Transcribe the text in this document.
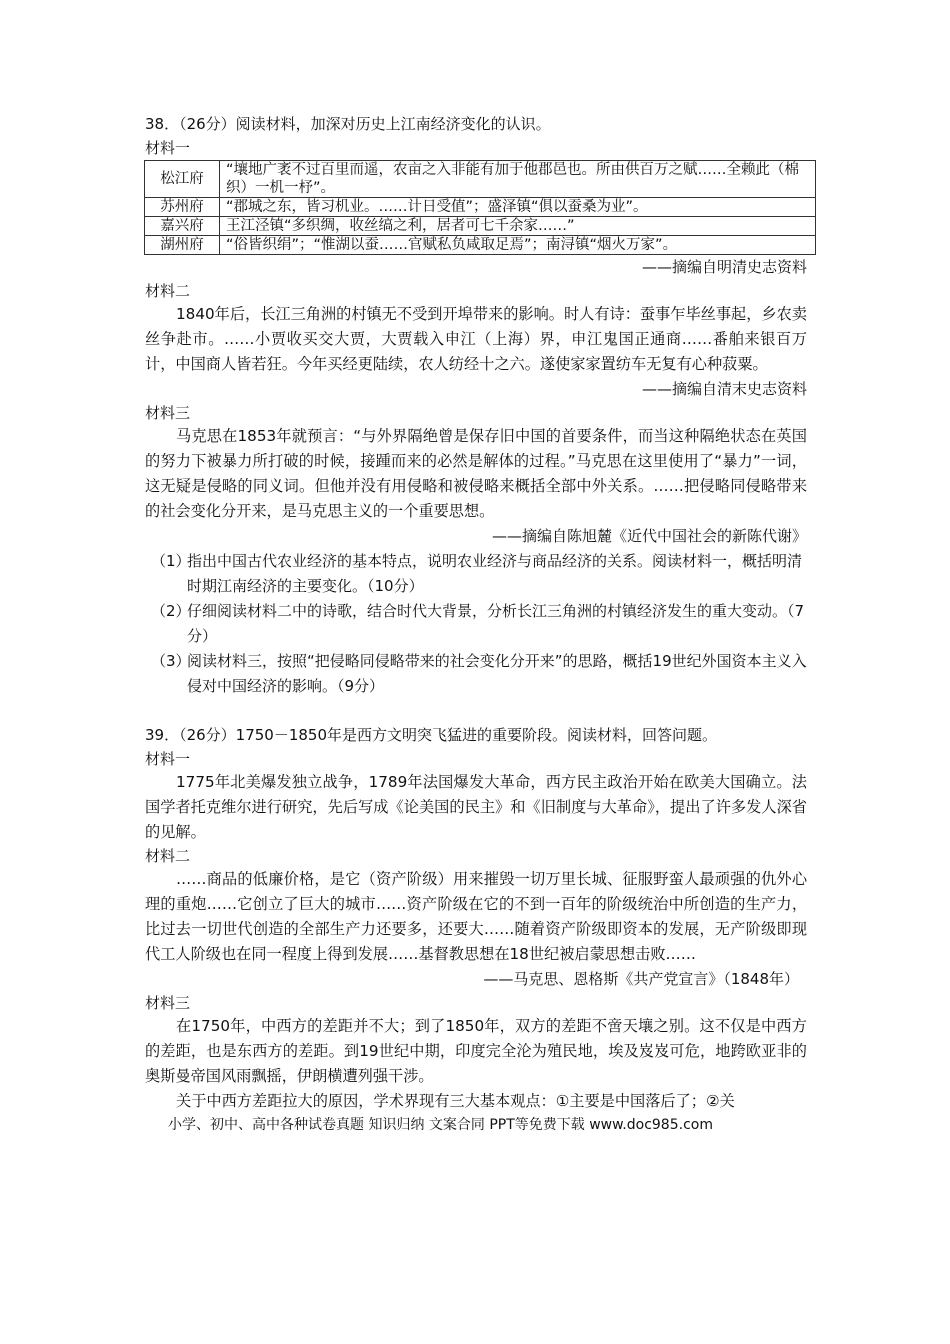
38．（26分）阅读材料，加深对历史上江南经济变化的认识。
材料一
松江府	“壤地广袤不过百里而遥，农亩之入非能有加于他郡邑也。所由供百万之赋……全赖此（棉织）一机一杼”。
苏州府	“郡城之东，皆习机业。……计日受值”；盛泽镇“俱以蚕桑为业”。
嘉兴府	王江泾镇“多织绸，收丝缟之利，居者可七千余家……”
湖州府	“俗皆织绢”；“惟湖以蚕……官赋私负咸取足焉”；南浔镇“烟火万家”。
——摘编自明清史志资料
材料二

1840年后，长江三角洲的村镇无不受到开埠带来的影响。时人有诗：蚕事乍毕丝事起，乡农卖丝争赴市。……小贾收买交大贾，大贾载入申江（上海）界，申江鬼国正通商……番舶来银百万计，中国商人皆若狂。今年买经更陆续，农人纺经十之六。遂使家家置纺车无复有心种菽粟。

——摘编自清末史志资料
材料三

马克思在1853年就预言：“与外界隔绝曾是保存旧中国的首要条件，而当这种隔绝状态在英国的努力下被暴力所打破的时候，接踵而来的必然是解体的过程。”马克思在这里使用了“暴力”一词，这无疑是侵略的同义词。但他并没有用侵略和被侵略来概括全部中外关系。……把侵略同侵略带来的社会变化分开来，是马克思主义的一个重要思想。

——摘编自陈旭麓《近代中国社会的新陈代谢》
（1）指出中国古代农业经济的基本特点，说明农业经济与商品经济的关系。阅读材料一，概括明清时期江南经济的主要变化。（10分）
（2）仔细阅读材料二中的诗歌，结合时代大背景，分析长江三角洲的村镇经济发生的重大变动。（7分）
（3）阅读材料三，按照“把侵略同侵略带来的社会变化分开来”的思路，概括19世纪外国资本主义入侵对中国经济的影响。（9分）
39．（26分）1750－1850年是西方文明突飞猛进的重要阶段。阅读材料，回答问题。
材料一

1775年北美爆发独立战争，1789年法国爆发大革命，西方民主政治开始在欧美大国确立。法国学者托克维尔进行研究，先后写成《论美国的民主》和《旧制度与大革命》，提出了许多发人深省的见解。

材料二

……商品的低廉价格，是它（资产阶级）用来摧毁一切万里长城、征服野蛮人最顽强的仇外心理的重炮……它创立了巨大的城市……资产阶级在它的不到一百年的阶级统治中所创造的生产力，比过去一切世代创造的全部生产力还要多，还要大……随着资产阶级即资本的发展，无产阶级即现代工人阶级也在同一程度上得到发展……基督教思想在18世纪被启蒙思想击败……

——马克思、恩格斯《共产党宣言》（1848年）
材料三

在1750年，中西方的差距并不大；到了1850年，双方的差距不啻天壤之别。这不仅是中西方的差距，也是东西方的差距。到19世纪中期，印度完全沦为殖民地，埃及岌岌可危，地跨欧亚非的奥斯曼帝国风雨飘摇，伊朗横遭列强干涉。

关于中西方差距拉大的原因，学术界现有三大基本观点：①主要是中国落后了；②关

小学、初中、高中各种试卷真题 知识归纳 文案合同 PPT等免费下载 www.doc985.com
